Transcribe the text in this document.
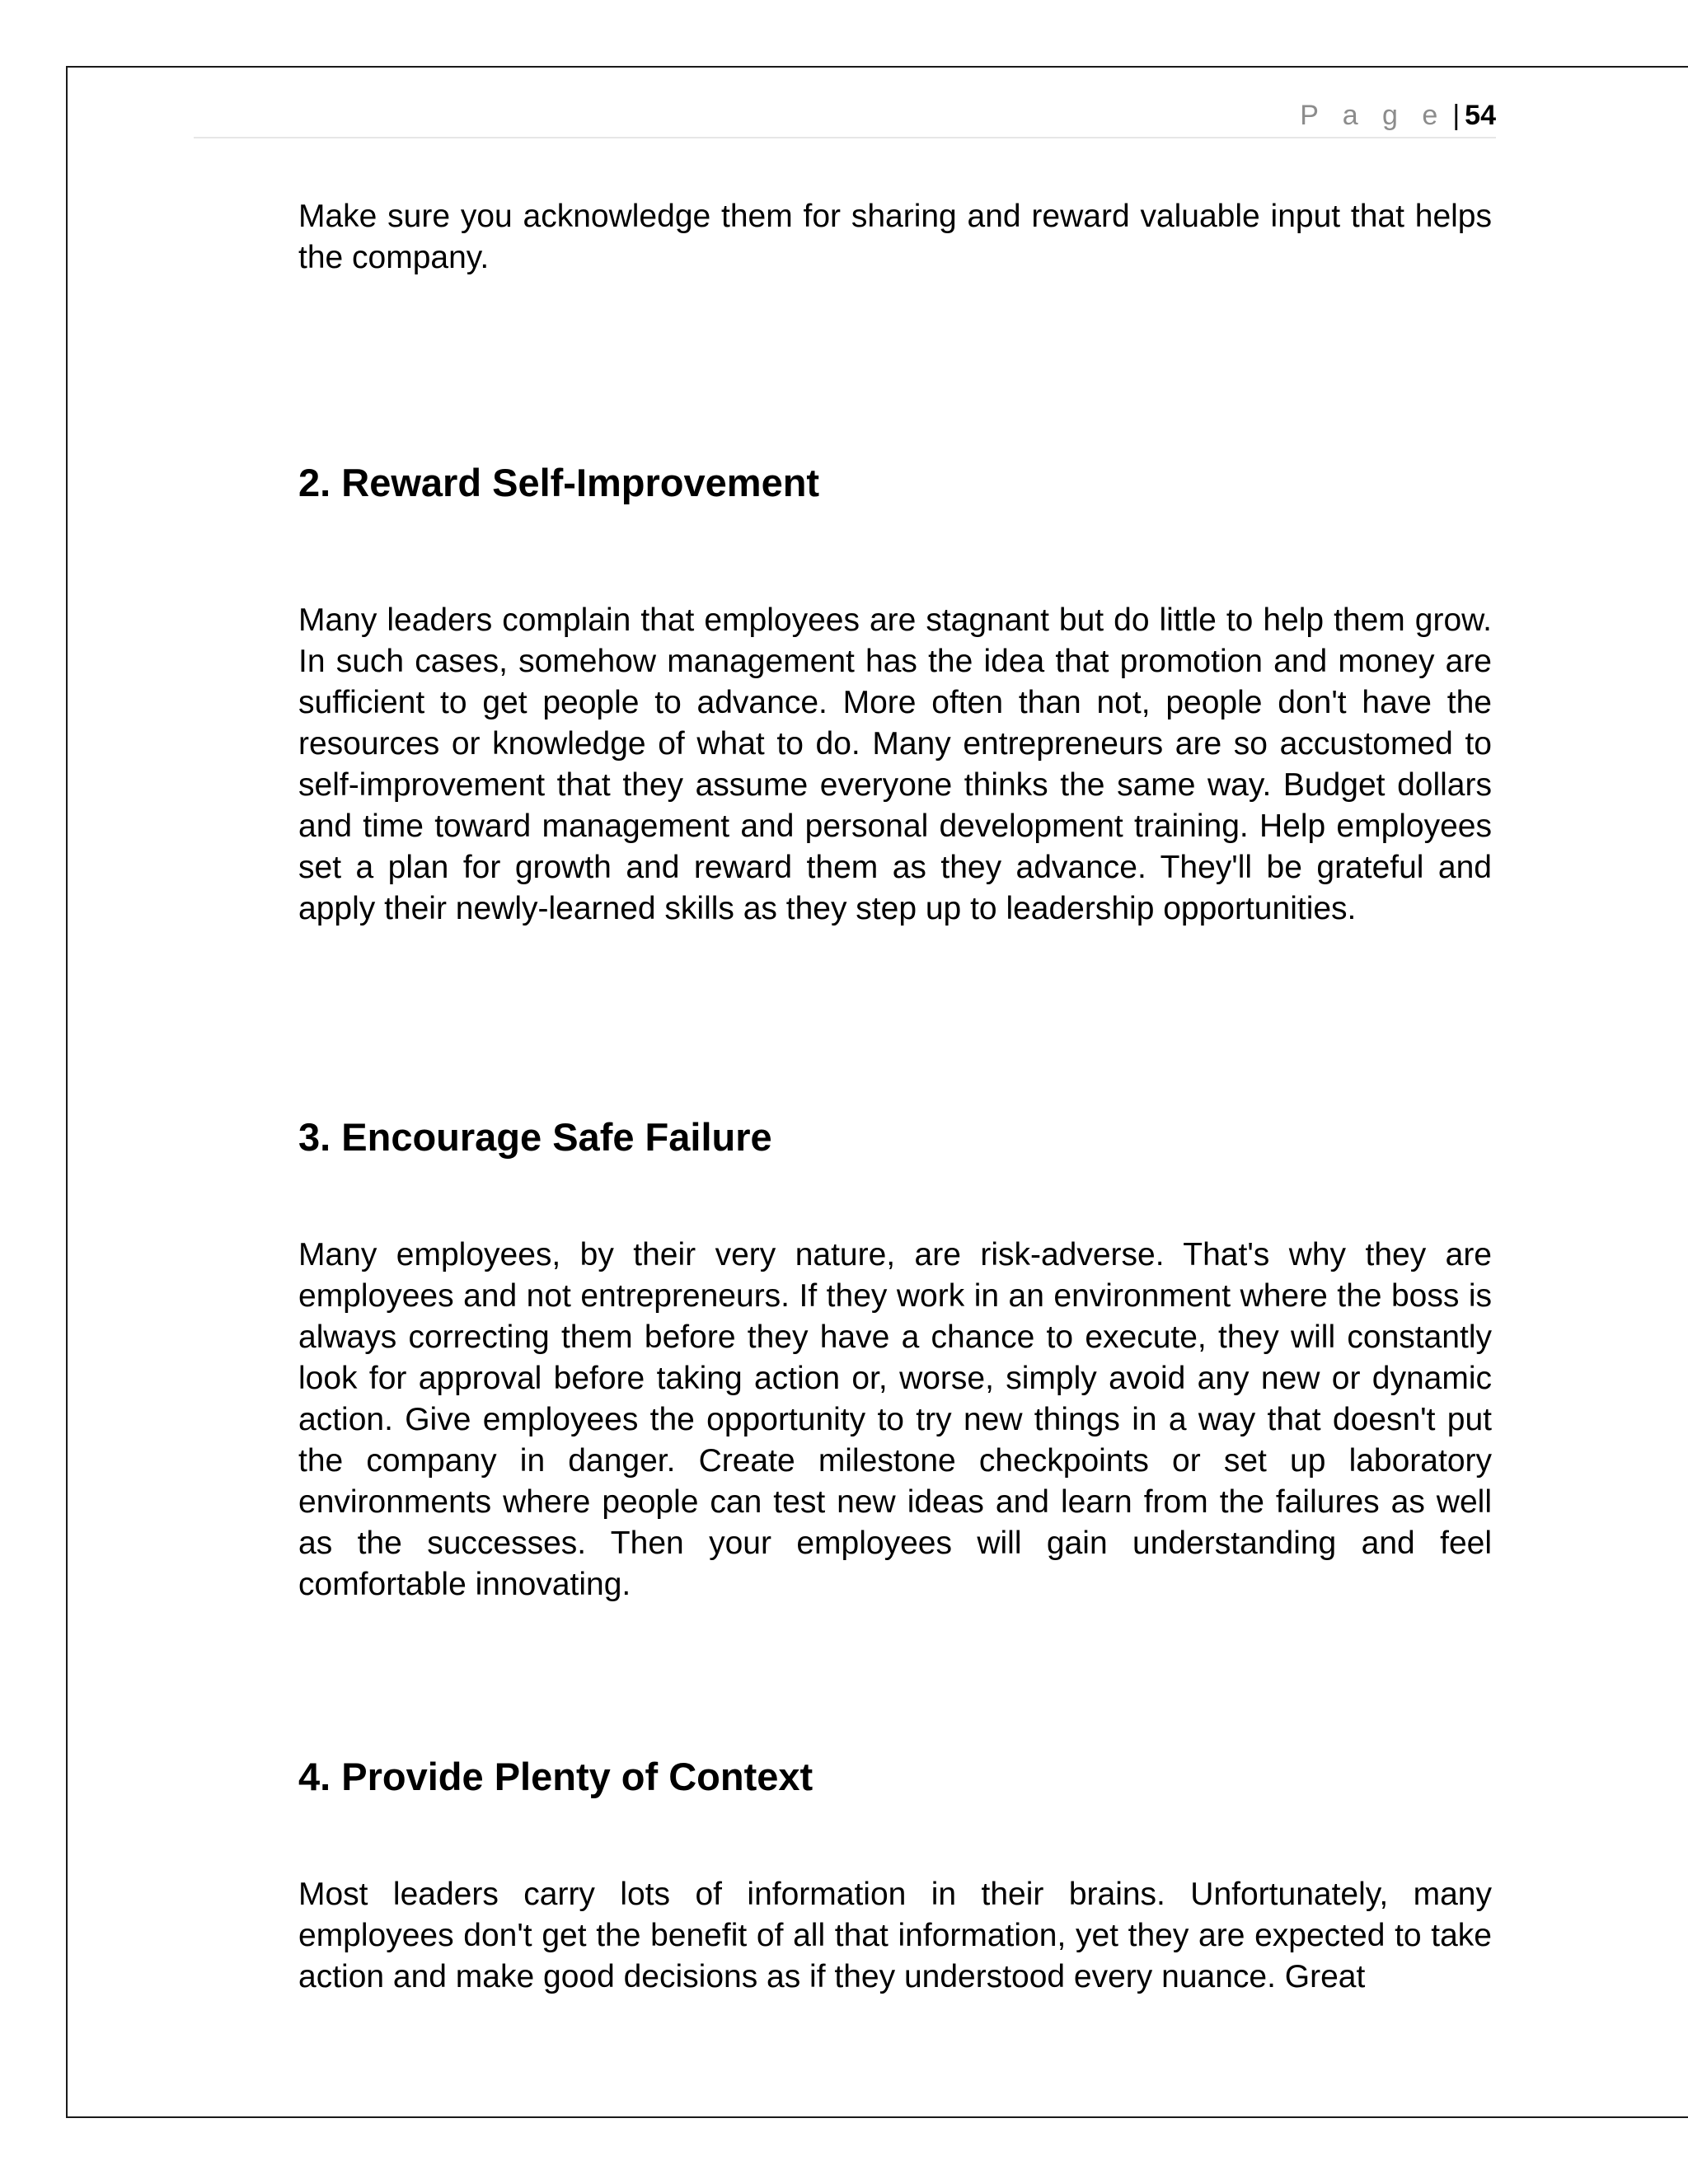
P a g e | 54

Make sure you acknowledge them for sharing and reward valuable input that helps the company.

2. Reward Self-Improvement

Many leaders complain that employees are stagnant but do little to help them grow. In such cases, somehow management has the idea that promotion and money are sufficient to get people to advance. More often than not, people don't have the resources or knowledge of what to do. Many entrepreneurs are so accustomed to self-improvement that they assume everyone thinks the same way. Budget dollars and time toward management and personal development training. Help employees set a plan for growth and reward them as they advance. They'll be grateful and apply their newly-learned skills as they step up to leadership opportunities.

3. Encourage Safe Failure

Many employees, by their very nature, are risk-adverse. That's why they are employees and not entrepreneurs. If they work in an environment where the boss is always correcting them before they have a chance to execute, they will constantly look for approval before taking action or, worse, simply avoid any new or dynamic action. Give employees the opportunity to try new things in a way that doesn't put the company in danger. Create milestone checkpoints or set up laboratory environments where people can test new ideas and learn from the failures as well as the successes. Then your employees will gain understanding and feel comfortable innovating.

4. Provide Plenty of Context

Most leaders carry lots of information in their brains. Unfortunately, many employees don't get the benefit of all that information, yet they are expected to take action and make good decisions as if they understood every nuance. Great
